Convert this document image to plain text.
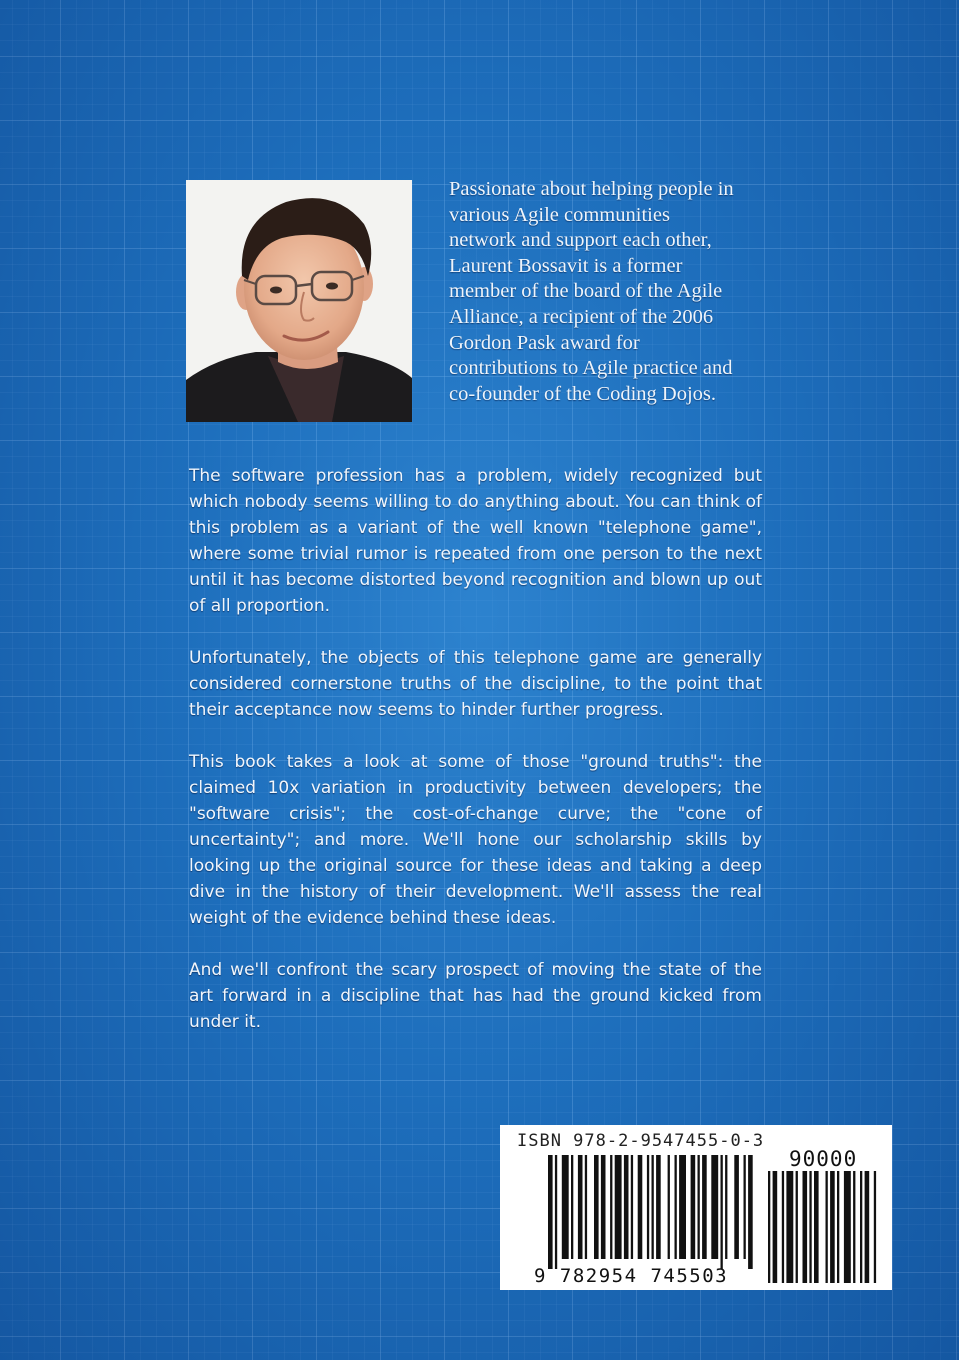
Passionate about helping people in
various Agile communities
network and support each other,
Laurent Bossavit is a former
member of the board of the Agile
Alliance, a recipient of the 2006
Gordon Pask award for
contributions to Agile practice and
co-founder of the Coding Dojos.

The software profession has a problem, widely recognized but which nobody seems willing to do anything about. You can think of this problem as a variant of the well known "telephone game", where some trivial rumor is repeated from one person to the next until it has become distorted beyond recognition and blown up out of all proportion.

Unfortunately, the objects of this telephone game are generally considered cornerstone truths of the discipline, to the point that their acceptance now seems to hinder further progress.

This book takes a look at some of those "ground truths": the claimed 10x variation in productivity between developers; the "software crisis"; the cost-of-change curve; the "cone of uncertainty"; and more. We'll hone our scholarship skills by looking up the original source for these ideas and taking a deep dive in the history of their development. We'll assess the real weight of the evidence behind these ideas.

And we'll confront the scary prospect of moving the state of the art forward in a discipline that has had the ground kicked from under it.

ISBN 978-2-9547455-0-3
90000
9 782954 745503
